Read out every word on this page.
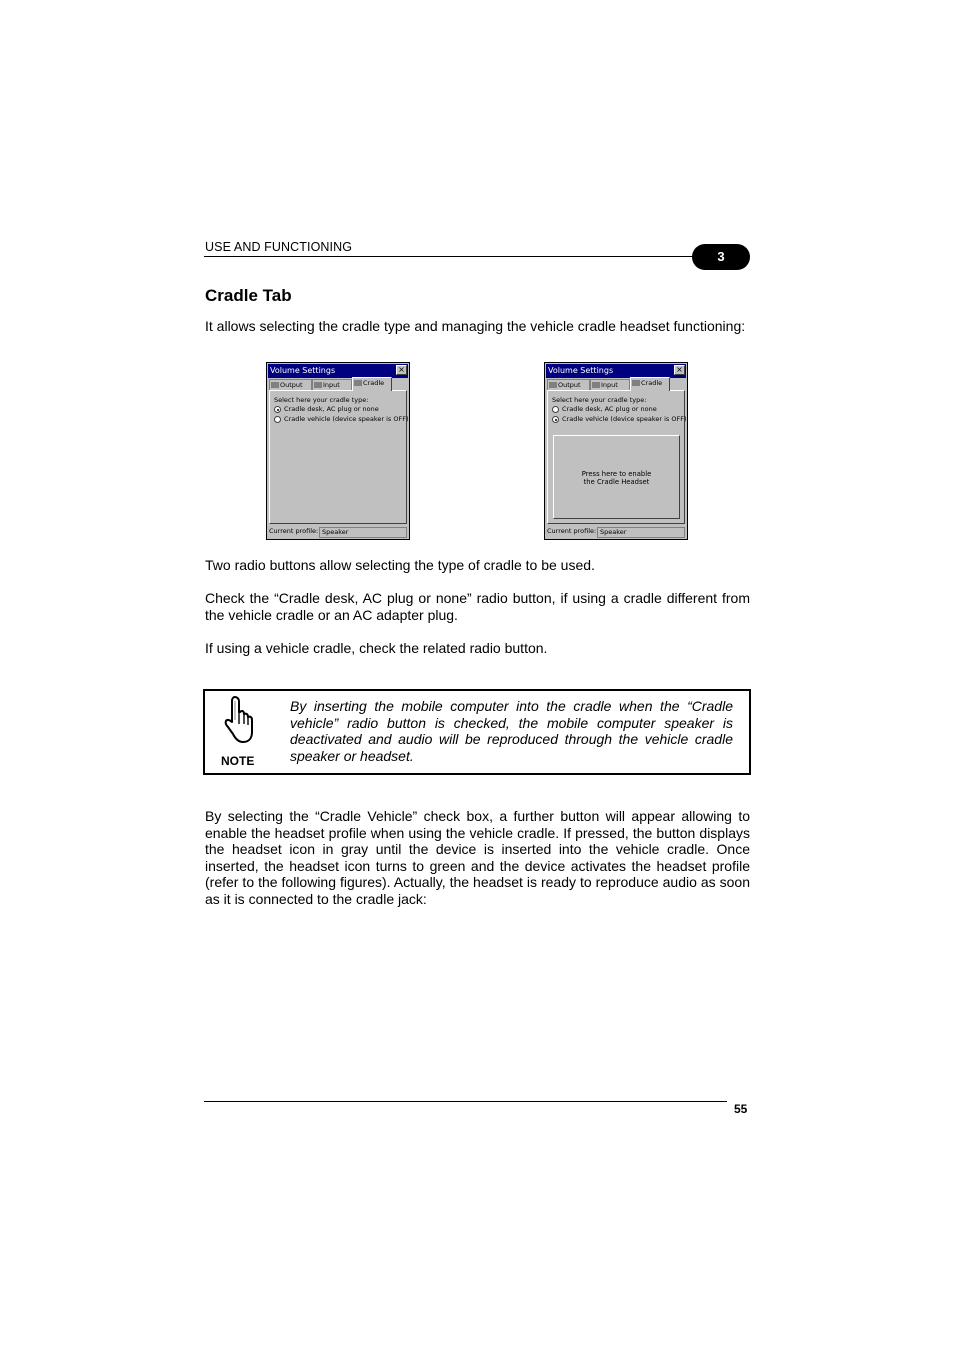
USE AND FUNCTIONING
3
Cradle Tab
It allows selecting the cradle type and managing the vehicle cradle headset functioning:
Volume Settings	×
Output	Input	Cradle
Select here your cradle type:
Cradle desk, AC plug or none
Cradle vehicle (device speaker is OFF)
Current profile: Speaker
Volume Settings	×
Output	Input	Cradle
Select here your cradle type:
Cradle desk, AC plug or none
Cradle vehicle (device speaker is OFF)
Press here to enable
the Cradle Headset
Current profile: Speaker
Two radio buttons allow selecting the type of cradle to be used.
Check the “Cradle desk, AC plug or none” radio button, if using a cradle different from the vehicle cradle or an AC adapter plug.
If using a vehicle cradle, check the related radio button.
NOTE
By inserting the mobile computer into the cradle when the “Cradle vehicle” radio button is checked, the mobile computer speaker is deactivated and audio will be reproduced through the vehicle cradle speaker or headset.
By selecting the “Cradle Vehicle” check box, a further button will appear allowing to enable the headset profile when using the vehicle cradle. If pressed, the button displays the headset icon in gray until the device is inserted into the vehicle cradle. Once inserted, the headset icon turns to green and the device activates the headset profile (refer to the following figures). Actually, the headset is ready to reproduce audio as soon as it is connected to the cradle jack:
55
